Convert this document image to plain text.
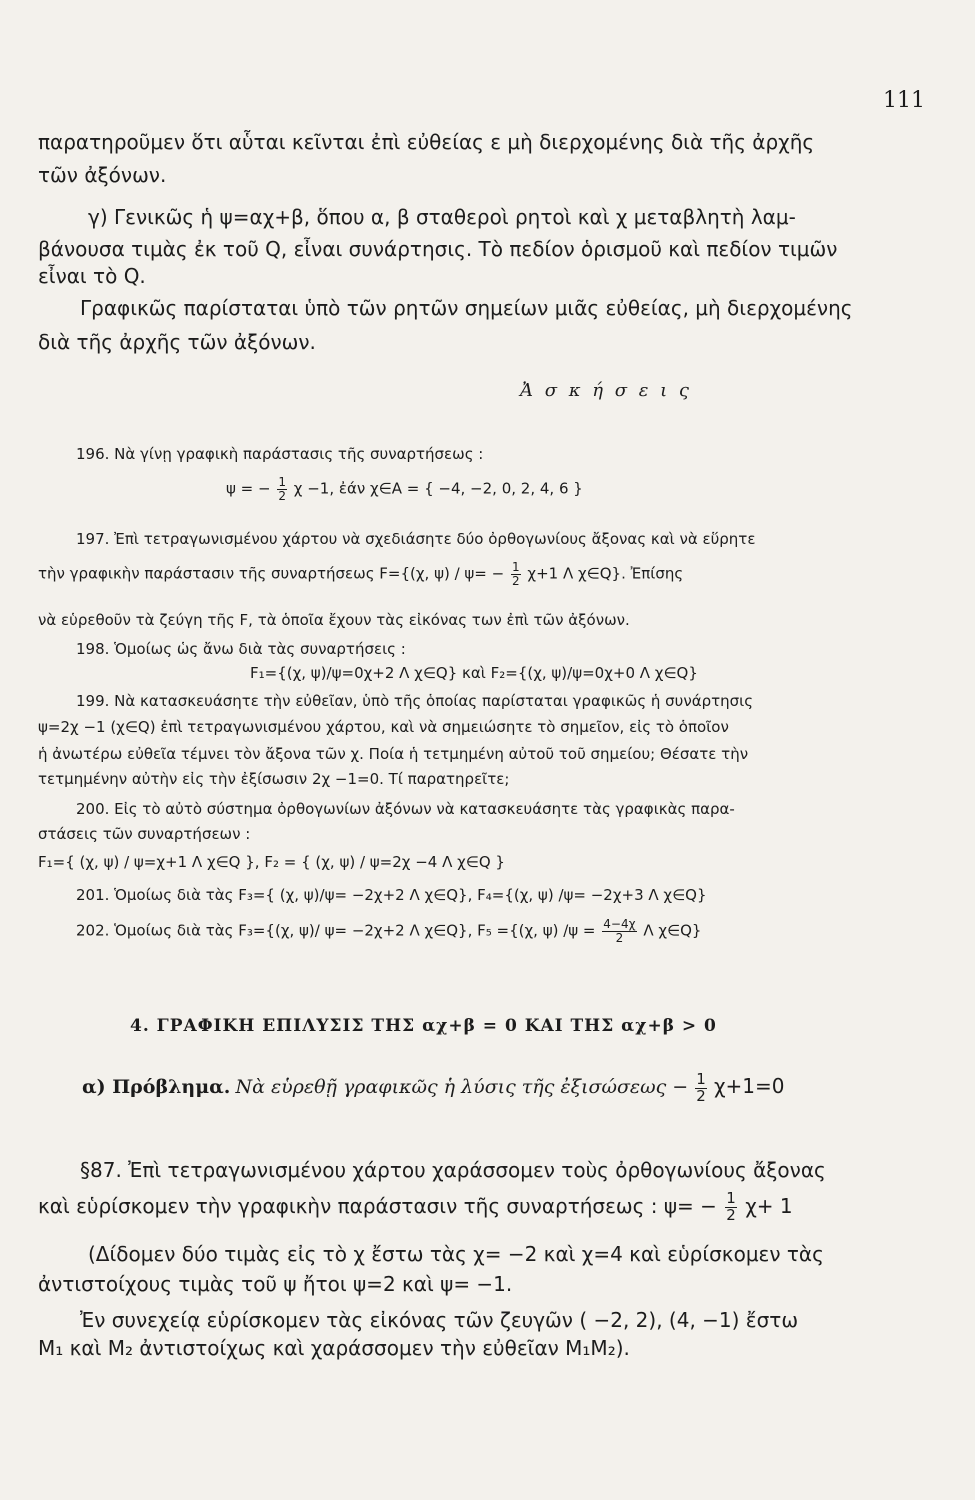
111
παρατηροῦμεν ὅτι αὗται κεῖνται ἐπὶ εὐθείας ε μὴ διερχομένης διὰ τῆς ἀρχῆς
τῶν ἀξόνων.
γ) Γενικῶς ἡ ψ=αχ+β, ὅπου α, β σταθεροὶ ρητοὶ καὶ χ μεταβλητὴ λαμ-
βάνουσα τιμὰς ἐκ τοῦ Q, εἶναι συνάρτησις. Τὸ πεδίον ὁρισμοῦ καὶ πεδίον τιμῶν
εἶναι τὸ Q.
Γραφικῶς παρίσταται ὑπὸ τῶν ρητῶν σημείων μιᾶς εὐθείας, μὴ διερχομένης
διὰ τῆς ἀρχῆς τῶν ἀξόνων.
Ἀ σ κ ή σ ε ι ς
196. Νὰ γίνῃ γραφικὴ παράστασις τῆς συναρτήσεως :
ψ = − $\frac{1}{2}$ χ −1, ἐάν χ∈A = { −4, −2, 0, 2, 4, 6 }
197. Ἐπὶ τετραγωνισμένου χάρτου νὰ σχεδιάσητε δύο ὀρθογωνίους ἄξονας καὶ νὰ εὕρητε
τὴν γραφικὴν παράστασιν τῆς συναρτήσεως F={(χ, $\psi) / \psi= - \frac{1}{2} \chi+1$ Λ χ∈Q}. Ἐπίσης
νὰ εὑρεθοῦν τὰ ζεύγη τῆς F, τὰ ὁποῖα ἔχουν τὰς εἰκόνας των ἐπὶ τῶν ἀξόνων.
198. Ὁμοίως ὡς ἄνω διὰ τὰς συναρτήσεις :
F₁={(χ, ψ)/ψ=0χ+2 Λ χ∈Q} καὶ F₂={(χ, ψ)/ψ=0χ+0 Λ χ∈Q}
199. Νὰ κατασκευάσητε τὴν εὐθεῖαν, ὑπὸ τῆς ὁποίας παρίσταται γραφικῶς ἡ συνάρτησις
ψ=2χ −1 (χ∈Q) ἐπὶ τετραγωνισμένου χάρτου, καὶ νὰ σημειώσητε τὸ σημεῖον, εἰς τὸ ὁποῖον
ἡ ἀνωτέρω εὐθεῖα τέμνει τὸν ἄξονα τῶν χ. Ποία ἡ τετμημένη αὐτοῦ τοῦ σημείου; Θέσατε τὴν
τετμημένην αὐτὴν εἰς τὴν ἐξίσωσιν 2χ −1=0. Τί παρατηρεῖτε;
200. Εἰς τὸ αὐτὸ σύστημα ὀρθογωνίων ἀξόνων νὰ κατασκευάσητε τὰς γραφικὰς παρα-
στάσεις τῶν συναρτήσεων :
F₁={ (χ, ψ) / ψ=χ+1 Λ χ∈Q }, F₂ = { (χ, ψ) / ψ=2χ −4 Λ χ∈Q }
201. Ὁμοίως διὰ τὰς F₃={ (χ, ψ)/ψ= −2χ+2 Λ χ∈Q}, F₄={(χ, ψ) /ψ= −2χ+3 Λ χ∈Q}
202. Ὁμοίως διὰ τὰς F₃={(χ, ψ)/ ψ= −2χ+2 Λ χ∈Q}, F₅ ={(χ, ψ) $/\psi = \frac{4-4\chi}{2}$ Λ χ∈Q}
4. ΓΡΑΦΙΚΗ ΕΠΙΛΥΣΙΣ ΤΗΣ αχ+β = 0 ΚΑΙ ΤΗΣ αχ+β > 0
α) Πρόβλημα. Νὰ εὑρεθῇ γραφικῶς ἡ λύσις τῆς ἐξισώσεως − $\frac{1}{2} \chi+1=0$
§87. Ἐπὶ τετραγωνισμένου χάρτου χαράσσομεν τοὺς ὀρθογωνίους ἄξονας
καὶ εὑρίσκομεν τὴν γραφικὴν παράστασιν τῆς συναρτήσεως : $\psi= - \frac{1}{2} \chi+ 1$
(Δίδομεν δύο τιμὰς εἰς τὸ χ ἔστω τὰς χ= −2 καὶ χ=4 καὶ εὑρίσκομεν τὰς
ἀντιστοίχους τιμὰς τοῦ ψ ἤτοι ψ=2 καὶ ψ= −1.
Ἐν συνεχείᾳ εὑρίσκομεν τὰς εἰκόνας τῶν ζευγῶν ( −2, 2), (4, −1) ἔστω
M₁ καὶ M₂ ἀντιστοίχως καὶ χαράσσομεν τὴν εὐθεῖαν M₁M₂).
